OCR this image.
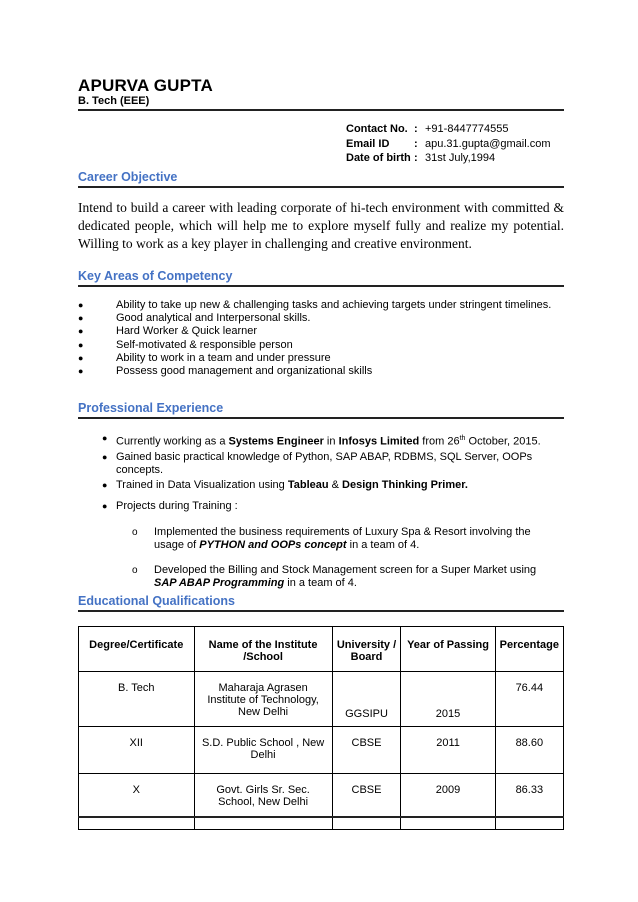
APURVA GUPTA
B. Tech (EEE)
Contact No. : +91-8447774555
Email ID	: apu.31.gupta@gmail.com
Date of birth : 31st July,1994
Career Objective
Intend to build a career with leading corporate of hi-tech environment with committed & dedicated people, which will help me to explore myself fully and realize my potential. Willing to work as a key player in challenging and creative environment.
Key Areas of Competency
●	Ability to take up new & challenging tasks and achieving targets under stringent timelines.
●	Good analytical and Interpersonal skills.
●	Hard Worker & Quick learner
●	Self-motivated & responsible person
●	Ability to work in a team and under pressure
●	Possess good management and organizational skills
Professional Experience
● Currently working as a Systems Engineer in Infosys Limited from 26th October, 2015.
● Gained basic practical knowledge of Python, SAP ABAP, RDBMS, SQL Server, OOPs concepts.
● Trained in Data Visualization using Tableau & Design Thinking Primer.
● Projects during Training :
o Implemented the business requirements of Luxury Spa & Resort involving the usage of PYTHON and OOPs concept in a team of 4.
o Developed the Billing and Stock Management screen for a Super Market using SAP ABAP Programming in a team of 4.
Educational Qualifications
Degree/Certificate	Name of the Institute /School	University / Board	Year of Passing	Percentage
B. Tech	Maharaja Agrasen Institute of Technology, New Delhi	GGSIPU	2015	76.44
XII	S.D. Public School , New Delhi	CBSE	2011	88.60
X	Govt. Girls Sr. Sec. School, New Delhi	CBSE	2009	86.33
